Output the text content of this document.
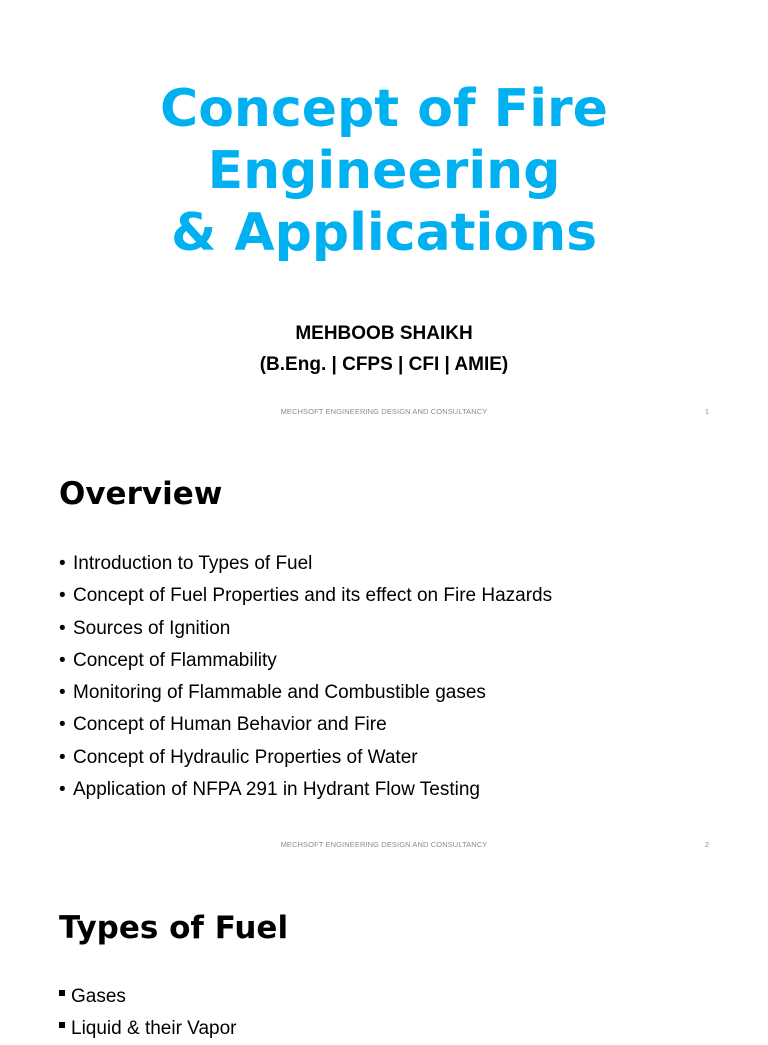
Concept of Fire
Engineering
& Applications
MEHBOOB SHAIKH
(B.Eng. | CFPS | CFI | AMIE)
MECHSOFT ENGINEERING DESIGN AND CONSULTANCY	1
Overview
• Introduction to Types of Fuel
• Concept of Fuel Properties and its effect on Fire Hazards
• Sources of Ignition
• Concept of Flammability
• Monitoring of Flammable and Combustible gases
• Concept of Human Behavior and Fire
• Concept of Hydraulic Properties of Water
• Application of NFPA 291 in Hydrant Flow Testing
MECHSOFT ENGINEERING DESIGN AND CONSULTANCY	2
Types of Fuel
Gases
Liquid & their Vapor
